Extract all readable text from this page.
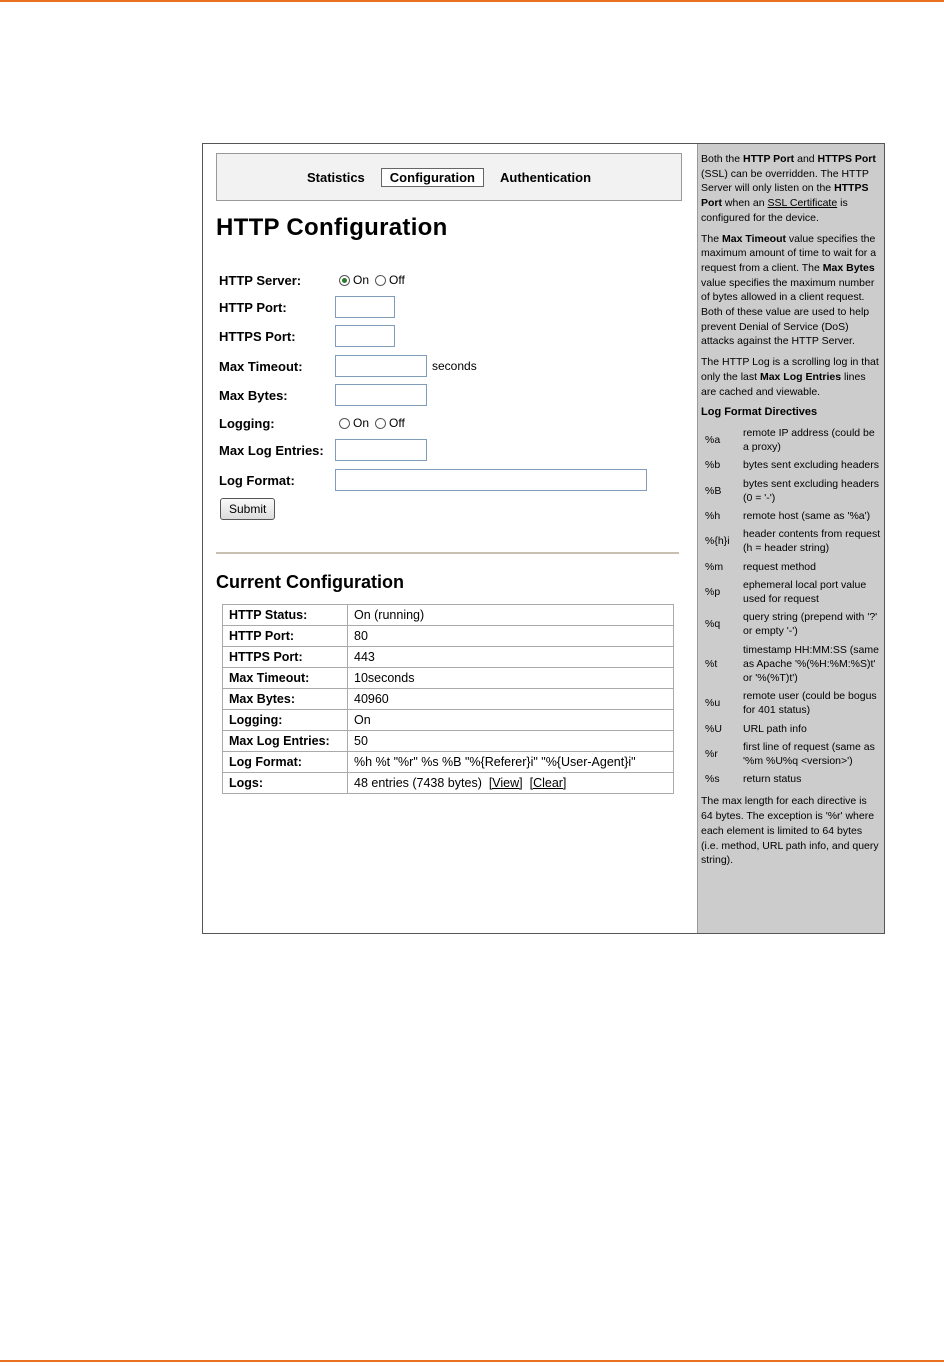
Statistics	Configuration	Authentication
HTTP Configuration
HTTP Server:	On Off
HTTP Port:
HTTPS Port:
Max Timeout:	seconds
Max Bytes:
Logging:	On Off
Max Log Entries:
Log Format:
Submit
Current Configuration
HTTP Status:	On (running)
HTTP Port:	80
HTTPS Port:	443
Max Timeout:	10seconds
Max Bytes:	40960
Logging:	On
Max Log Entries:	50
Log Format:	%h %t "%r" %s %B "%{Referer}i" "%{User-Agent}i"
Logs:	48 entries (7438 bytes) [View] [Clear]

Both the HTTP Port and HTTPS Port (SSL) can be overridden. The HTTP Server will only listen on the HTTPS Port when an SSL Certificate is configured for the device.

The Max Timeout value specifies the maximum amount of time to wait for a request from a client. The Max Bytes value specifies the maximum number of bytes allowed in a client request. Both of these value are used to help prevent Denial of Service (DoS) attacks against the HTTP Server.

The HTTP Log is a scrolling log in that only the last Max Log Entries lines are cached and viewable.

Log Format Directives
%a	remote IP address (could be a proxy)
%b	bytes sent excluding headers
%B	bytes sent excluding headers (0 = '-')
%h	remote host (same as '%a')
%{h}i	header contents from request (h = header string)
%m	request method
%p	ephemeral local port value used for request
%q	query string (prepend with '?' or empty '-')
%t	timestamp HH:MM:SS (same as Apache '%(%H:%M:%S)t' or '%(%T)t')
%u	remote user (could be bogus for 401 status)
%U	URL path info
%r	first line of request (same as '%m %U%q <version>')
%s	return status

The max length for each directive is 64 bytes. The exception is '%r' where each element is limited to 64 bytes (i.e. method, URL path info, and query string).
